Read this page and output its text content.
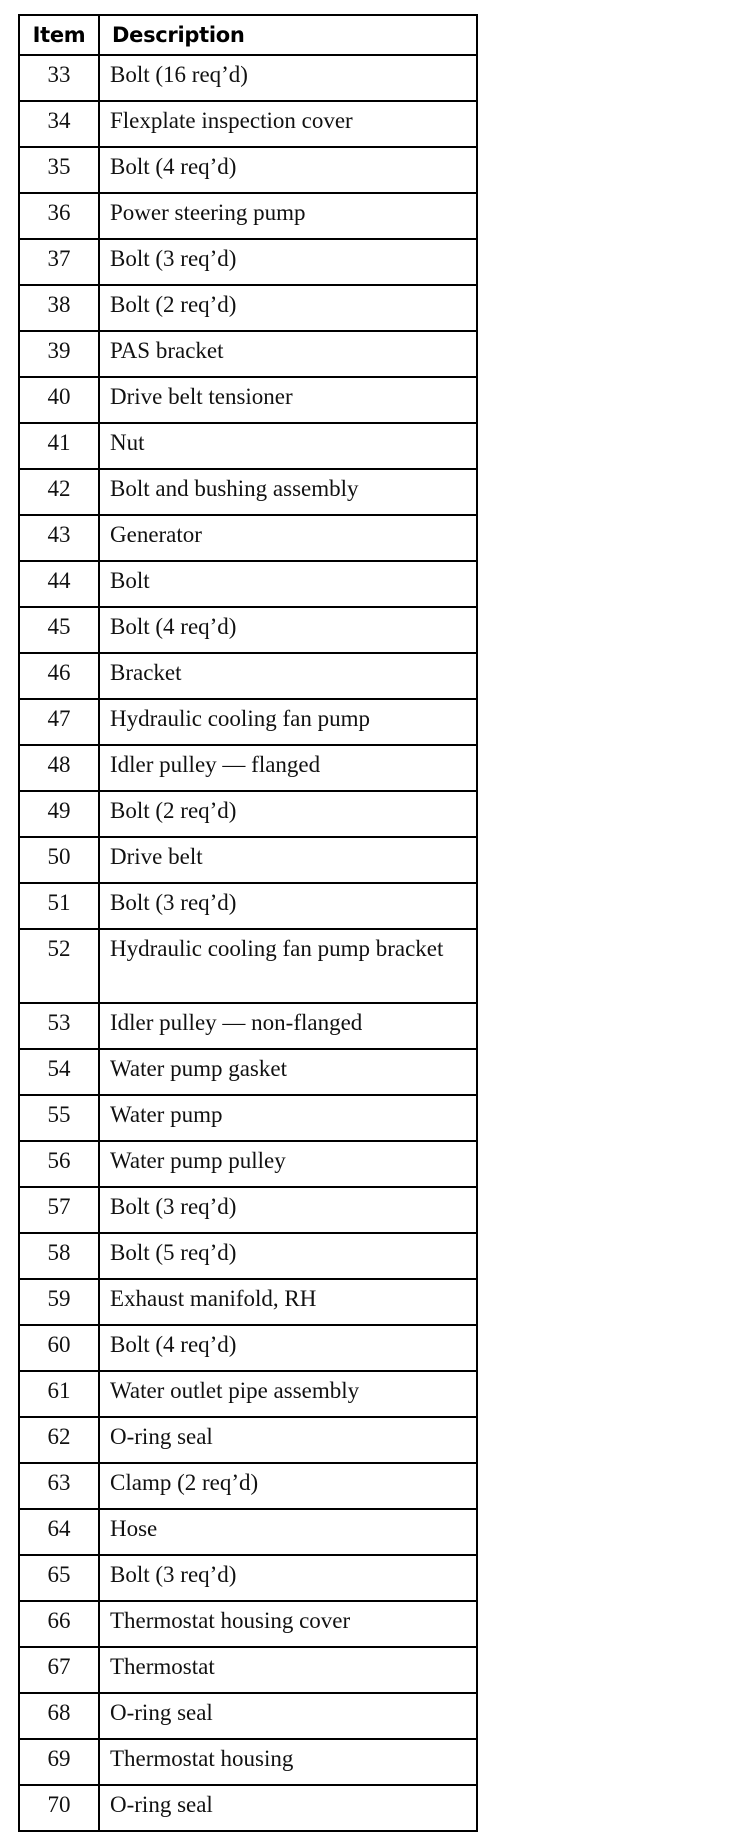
Item	Description
33	Bolt (16 req’d)
34	Flexplate inspection cover
35	Bolt (4 req’d)
36	Power steering pump
37	Bolt (3 req’d)
38	Bolt (2 req’d)
39	PAS bracket
40	Drive belt tensioner
41	Nut
42	Bolt and bushing assembly
43	Generator
44	Bolt
45	Bolt (4 req’d)
46	Bracket
47	Hydraulic cooling fan pump
48	Idler pulley — flanged
49	Bolt (2 req’d)
50	Drive belt
51	Bolt (3 req’d)
52	Hydraulic cooling fan pump bracket
53	Idler pulley — non-flanged
54	Water pump gasket
55	Water pump
56	Water pump pulley
57	Bolt (3 req’d)
58	Bolt (5 req’d)
59	Exhaust manifold, RH
60	Bolt (4 req’d)
61	Water outlet pipe assembly
62	O-ring seal
63	Clamp (2 req’d)
64	Hose
65	Bolt (3 req’d)
66	Thermostat housing cover
67	Thermostat
68	O-ring seal
69	Thermostat housing
70	O-ring seal
